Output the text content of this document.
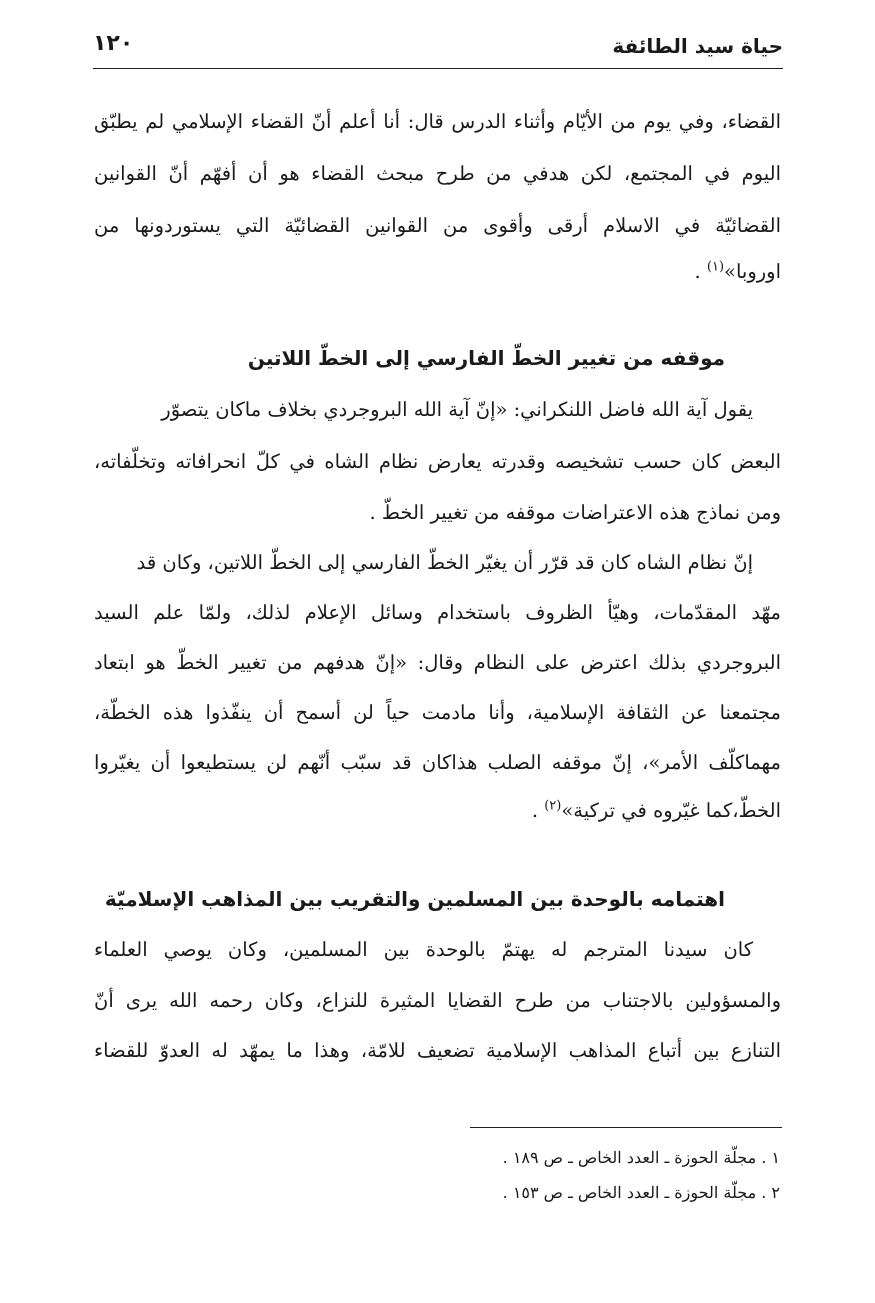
حياة سيد الطائفة
١٢٠
القضاء، وفي يوم من الأيّام وأثناء الدرس قال: أنا أعلم أنّ القضاء الإسلامي لم يطبّق
اليوم في المجتمع، لكن هدفي من طرح مبحث القضاء هو أن أفهّم أنّ القوانين
القضائيّة في الاسلام أرقى وأقوى من القوانين القضائيّة التي يستوردونها من
اوروبا»$^{(١)}$ .
موقفه من تغيير الخطّ الفارسي إلى الخطّ اللاتين
يقول آية الله فاضل اللنكراني: «إنّ آية الله البروجردي بخلاف ماكان يتصوّر
البعض كان حسب تشخيصه وقدرته يعارض نظام الشاه في كلّ انحرافاته وتخلّفاته،
ومن نماذج هذه الاعتراضات موقفه من تغيير الخطّ .
إنّ نظام الشاه كان قد قرّر أن يغيّر الخطّ الفارسي إلى الخطّ اللاتين، وكان قد
مهّد المقدّمات، وهيّأ الظروف باستخدام وسائل الإعلام لذلك، ولمّا علم السيد
البروجردي بذلك اعترض على النظام وقال: «إنّ هدفهم من تغيير الخطّ هو ابتعاد
مجتمعنا عن الثقافة الإسلامية، وأنا مادمت حياً لن أسمح أن ينفّذوا هذه الخطّة،
مهماكلّف الأمر»، إنّ موقفه الصلب هذاكان قد سبّب أنّهم لن يستطيعوا أن يغيّروا
الخطّ،كما غيّروه في تركية»$^{(٢)}$ .
اهتمامه بالوحدة بين المسلمين والتقريب بين المذاهب الإسلاميّة
كان سيدنا المترجم له يهتمّ بالوحدة بين المسلمين، وكان يوصي العلماء
والمسؤولين بالاجتناب من طرح القضايا المثيرة للنزاع، وكان رحمه الله يرى أنّ
التنازع بين أتباع المذاهب الإسلامية تضعيف للامّة، وهذا ما يمهّد له العدوّ للقضاء
١ . مجلّة الحوزة ـ العدد الخاص ـ ص ١٨٩ .
٢ . مجلّة الحوزة ـ العدد الخاص ـ ص ١٥٣ .
